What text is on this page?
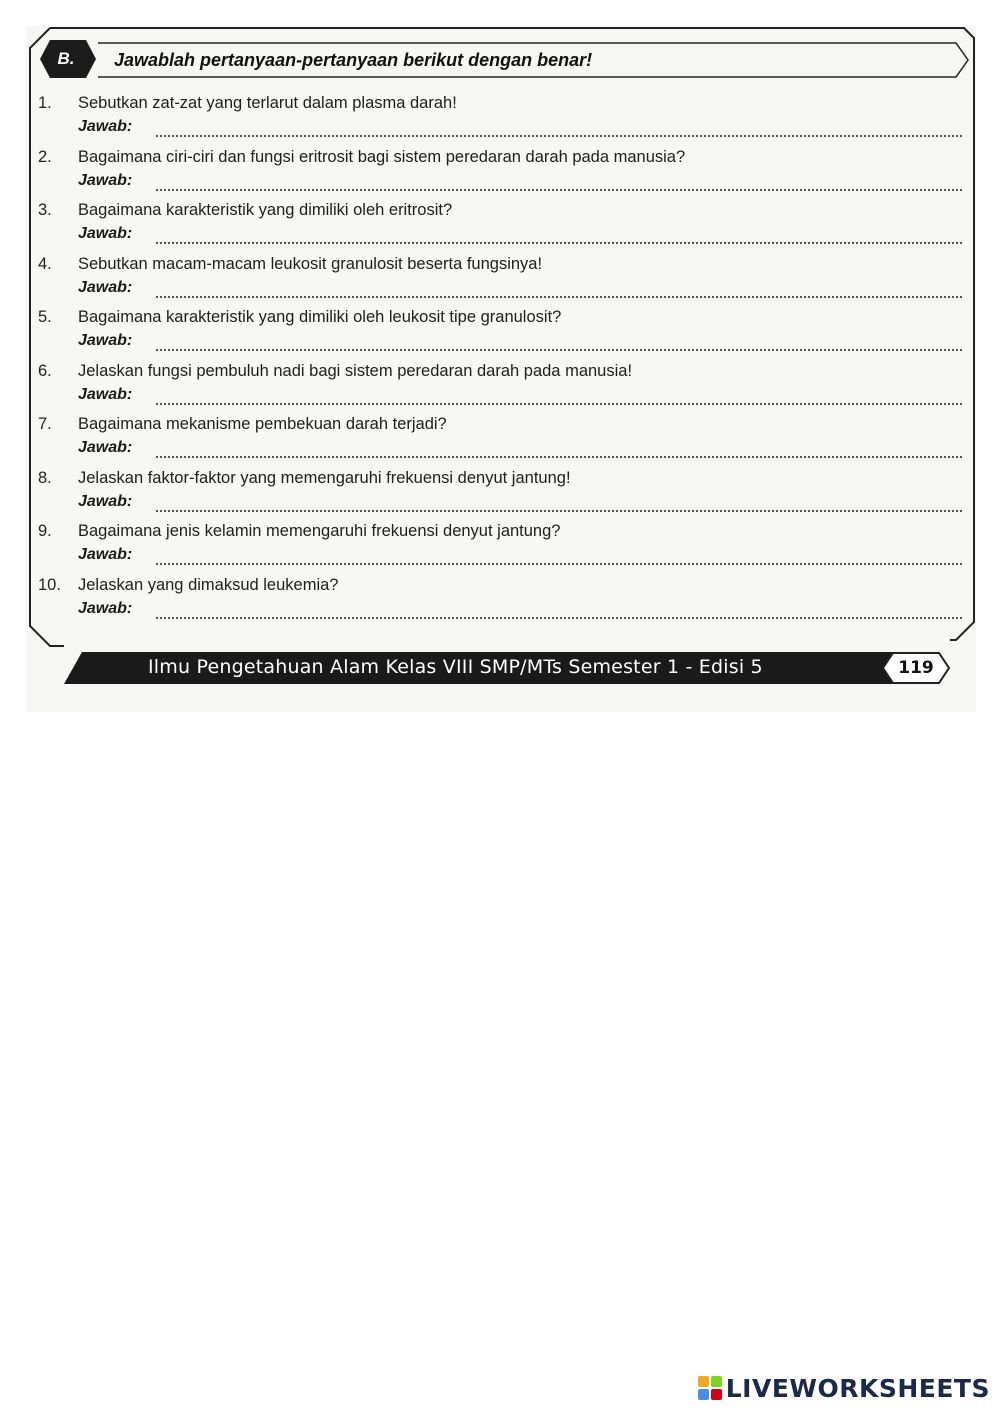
B.	Jawablah pertanyaan-pertanyaan berikut dengan benar!
1. Sebutkan zat-zat yang terlarut dalam plasma darah!
Jawab:
2. Bagaimana ciri-ciri dan fungsi eritrosit bagi sistem peredaran darah pada manusia?
Jawab:
3. Bagaimana karakteristik yang dimiliki oleh eritrosit?
Jawab:
4. Sebutkan macam-macam leukosit granulosit beserta fungsinya!
Jawab:
5. Bagaimana karakteristik yang dimiliki oleh leukosit tipe granulosit?
Jawab:
6. Jelaskan fungsi pembuluh nadi bagi sistem peredaran darah pada manusia!
Jawab:
7. Bagaimana mekanisme pembekuan darah terjadi?
Jawab:
8. Jelaskan faktor-faktor yang memengaruhi frekuensi denyut jantung!
Jawab:
9. Bagaimana jenis kelamin memengaruhi frekuensi denyut jantung?
Jawab:
10. Jelaskan yang dimaksud leukemia?
Jawab:
Ilmu Pengetahuan Alam Kelas VIII SMP/MTs Semester 1 - Edisi 5	119
LIVEWORKSHEETS
